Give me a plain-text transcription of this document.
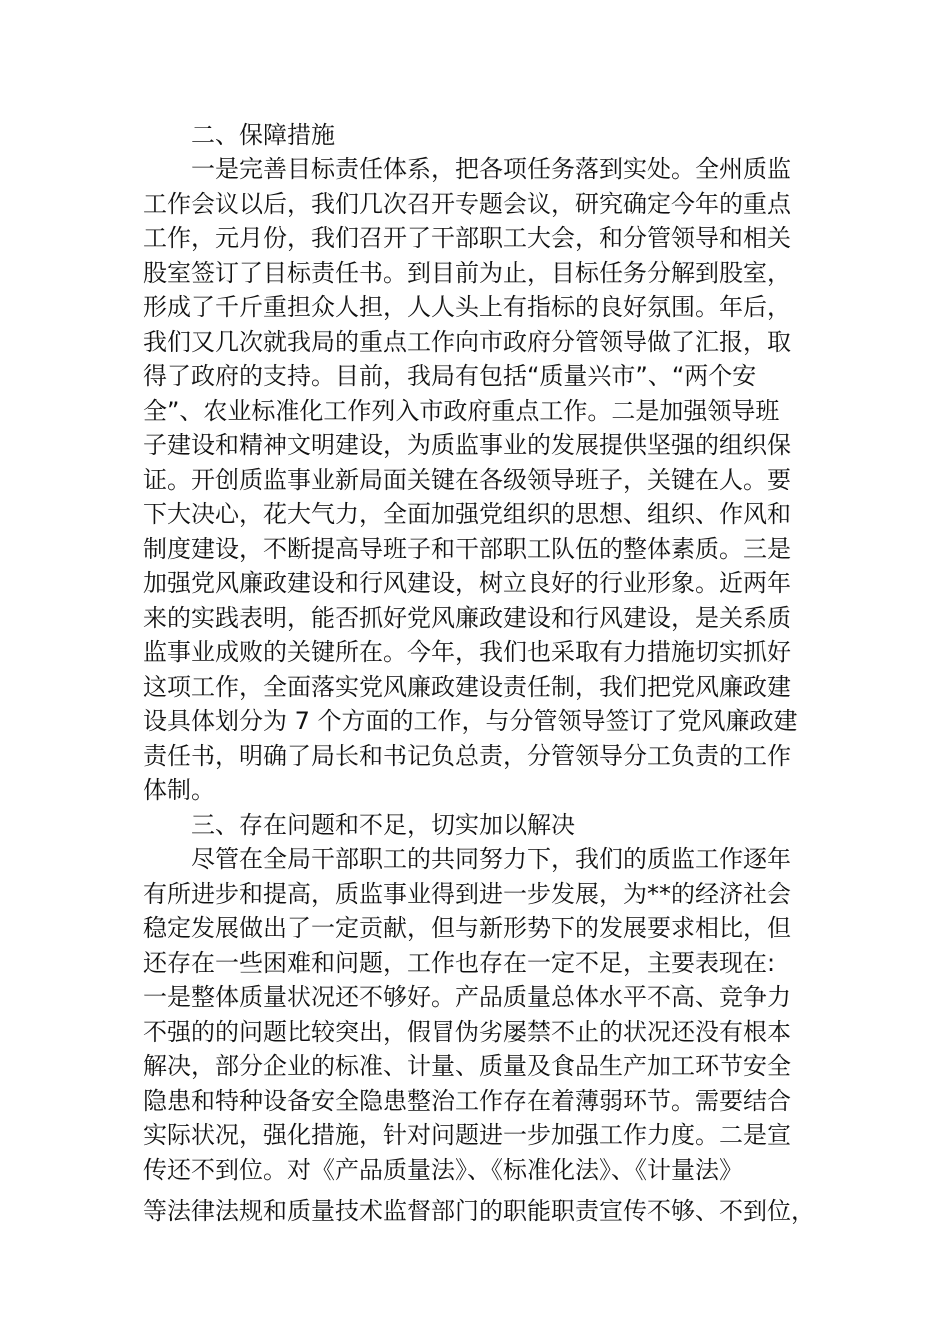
二、保障措施
一是完善目标责任体系，把各项任务落到实处。全州质监
工作会议以后，我们几次召开专题会议，研究确定今年的重点
工作，元月份，我们召开了干部职工大会，和分管领导和相关
股室签订了目标责任书。到目前为止，目标任务分解到股室，
形成了千斤重担众人担，人人头上有指标的良好氛围。年后，
我们又几次就我局的重点工作向市政府分管领导做了汇报，取
得了政府的支持。目前，我局有包括“质量兴市”、“两个安
全”、农业标准化工作列入市政府重点工作。二是加强领导班
子建设和精神文明建设，为质监事业的发展提供坚强的组织保
证。开创质监事业新局面关键在各级领导班子，关键在人。要
下大决心，花大气力，全面加强党组织的思想、组织、作风和
制度建设，不断提高导班子和干部职工队伍的整体素质。三是
加强党风廉政建设和行风建设，树立良好的行业形象。近两年
来的实践表明，能否抓好党风廉政建设和行风建设，是关系质
监事业成败的关键所在。今年，我们也采取有力措施切实抓好
这项工作，全面落实党风廉政建设责任制，我们把党风廉政建
设具体划分为 7 个方面的工作，与分管领导签订了党风廉政建
责任书，明确了局长和书记负总责，分管领导分工负责的工作
体制。
三、存在问题和不足，切实加以解决
尽管在全局干部职工的共同努力下，我们的质监工作逐年
有所进步和提高，质监事业得到进一步发展，为**的经济社会
稳定发展做出了一定贡献，但与新形势下的发展要求相比，但
还存在一些困难和问题，工作也存在一定不足，主要表现在:
一是整体质量状况还不够好。产品质量总体水平不高、竞争力
不强的的问题比较突出，假冒伪劣屡禁不止的状况还没有根本
解决，部分企业的标准、计量、质量及食品生产加工环节安全
隐患和特种设备安全隐患整治工作存在着薄弱环节。需要结合
实际状况，强化措施，针对问题进一步加强工作力度。二是宣
传还不到位。对《产品质量法》、《标准化法》、《计量法》
等法律法规和质量技术监督部门的职能职责宣传不够、不到位，
